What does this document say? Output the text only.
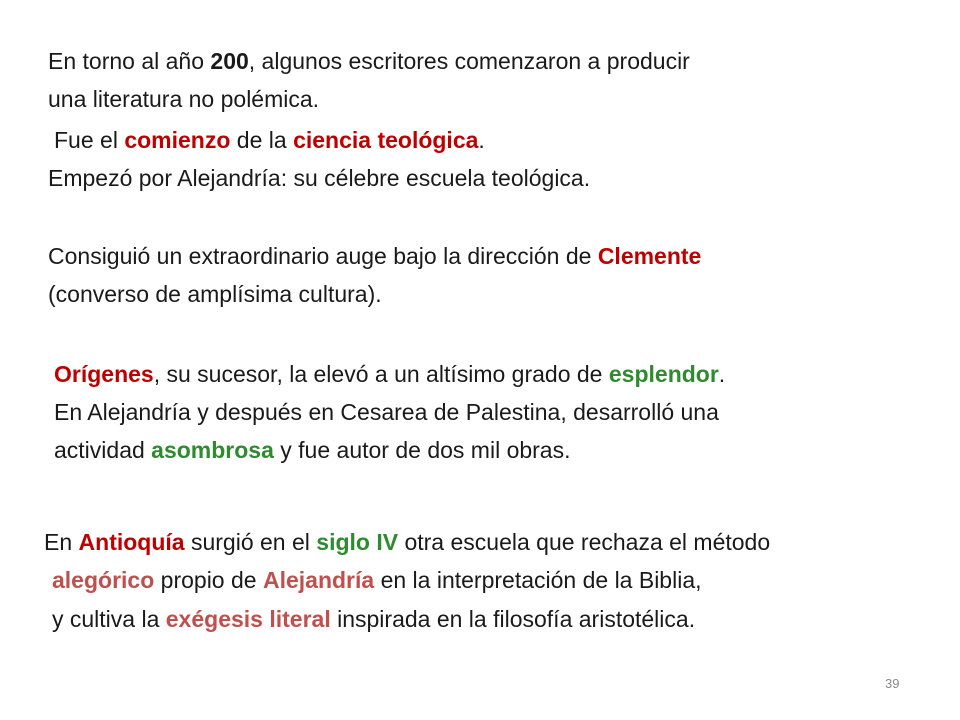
En torno al año 200, algunos escritores comenzaron a producir
una literatura no polémica.
Fue el comienzo de la ciencia teológica.
Empezó por Alejandría: su célebre escuela teológica.
Consiguió un extraordinario auge bajo la dirección de Clemente
(converso de amplísima cultura).
Orígenes, su sucesor, la elevó a un altísimo grado de esplendor.
En Alejandría y después en Cesarea de Palestina, desarrolló una
actividad asombrosa y fue autor de dos mil obras.
En Antioquía surgió en el siglo IV otra escuela que rechaza el método
alegórico propio de Alejandría en la interpretación de la Biblia,
y cultiva la exégesis literal inspirada en la filosofía aristotélica.
39
